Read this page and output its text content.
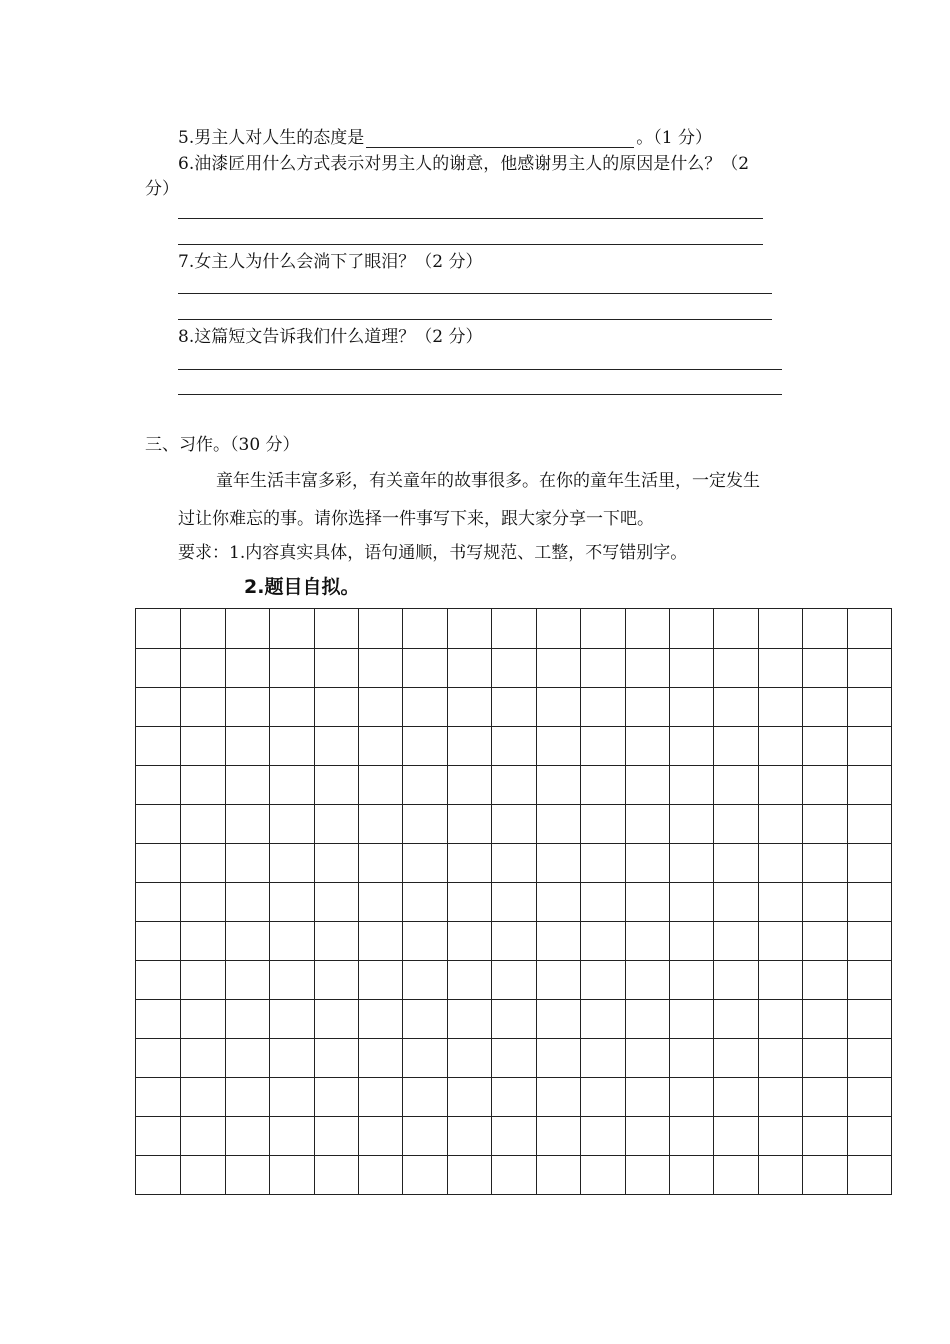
5.男主人对人生的态度是	。（1 分）
6.油漆匠用什么方式表示对男主人的谢意，他感谢男主人的原因是什么？（2
分）
7.女主人为什么会淌下了眼泪？（2 分）
8.这篇短文告诉我们什么道理？（2 分）
三、习作。（30 分）
童年生活丰富多彩，有关童年的故事很多。在你的童年生活里，一定发生
过让你难忘的事。请你选择一件事写下来，跟大家分享一下吧。
要求：1.内容真实具体，语句通顺，书写规范、工整，不写错别字。
2.题目自拟。
